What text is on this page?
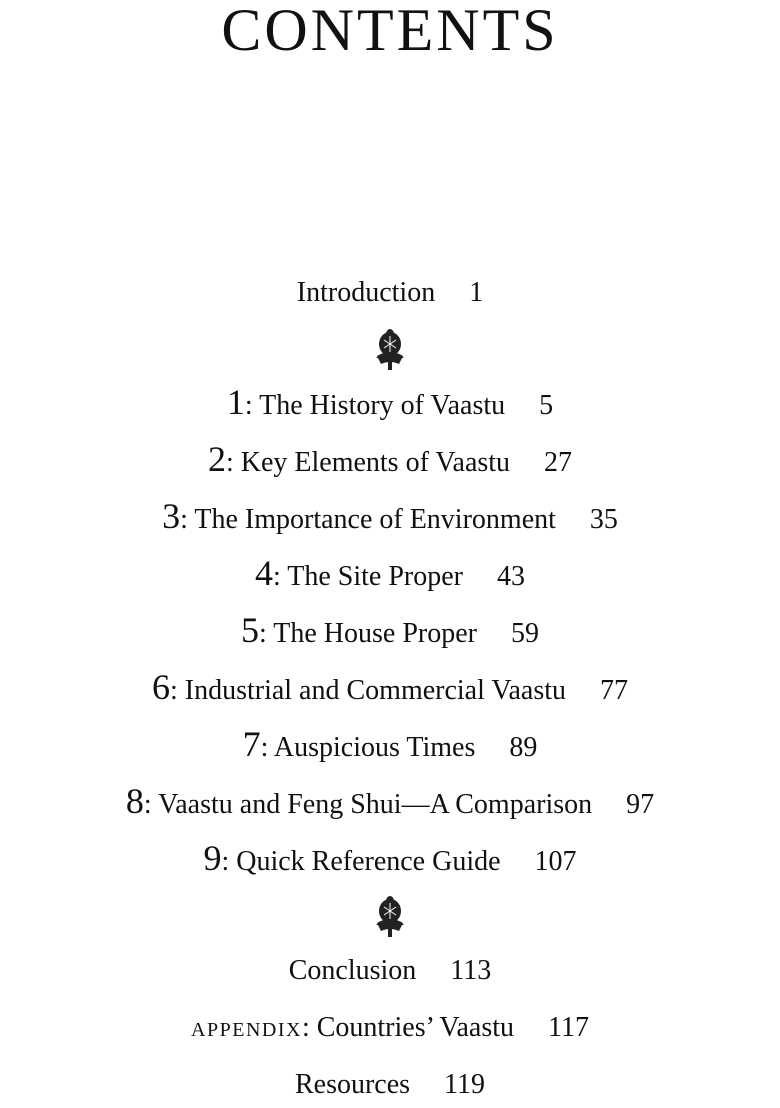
CONTENTS
Introduction 1
1: The History of Vaastu 5
2: Key Elements of Vaastu 27
3: The Importance of Environment 35
4: The Site Proper 43
5: The House Proper 59
6: Industrial and Commercial Vaastu 77
7: Auspicious Times 89
8: Vaastu and Feng Shui—A Comparison 97
9: Quick Reference Guide 107
Conclusion 113
APPENDIX: Countries’ Vaastu 117
Resources 119
